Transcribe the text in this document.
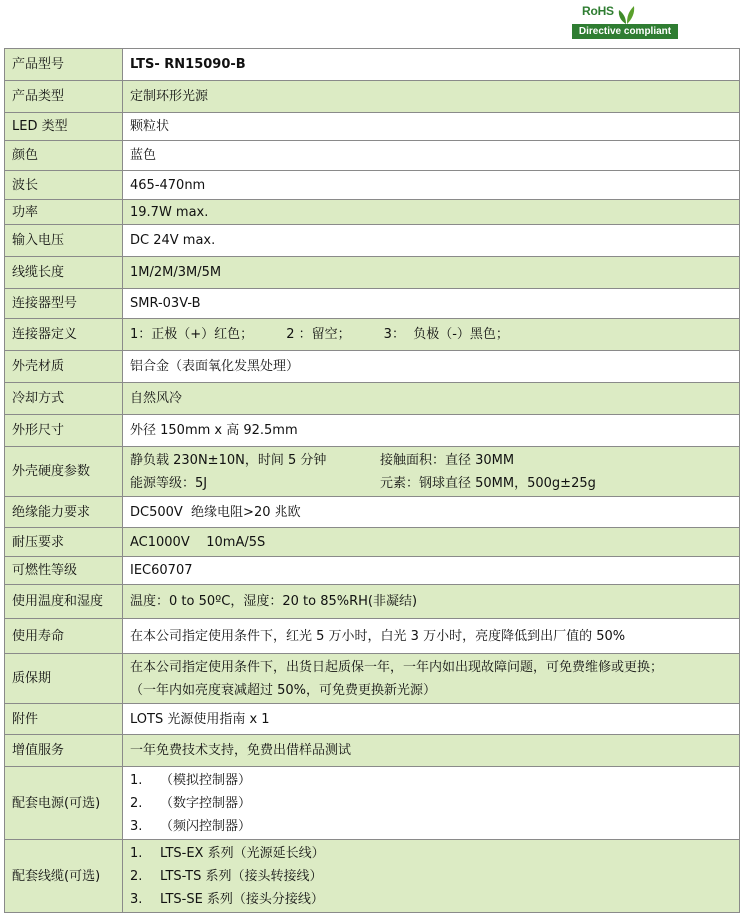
RoHS
Directive compliant
产品型号	LTS- RN15090-B
产品类型	定制环形光源
LED 类型	颗粒状
颜色	蓝色
波长	465-470nm
功率	19.7W max.
输入电压	DC 24V max.
线缆长度	1M/2M/3M/5M
连接器型号	SMR-03V-B
连接器定义	1：正极（+）红色；        2 ：留空；        3：  负极（-）黑色；
外壳材质	铝合金（表面氧化发黑处理）
冷却方式	自然风冷
外形尺寸	外径 150mm x 高 92.5mm
外壳硬度参数	静负载 230N±10N，时间 5 分钟 接触面积：直径 30MM
能源等级：5J 元素：钢球直径 50MM，500g±25g

绝缘能力要求	DC500V  绝缘电阻>20 兆欧
耐压要求	AC1000V    10mA/5S
可燃性等级	IEC60707
使用温度和湿度	温度：0 to 50ºC，湿度：20 to 85%RH(非凝结)
使用寿命	在本公司指定使用条件下，红光 5 万小时，白光 3 万小时，亮度降低到出厂值的 50%
质保期	在本公司指定使用条件下，出货日起质保一年，一年内如出现故障问题，可免费维修或更换；
（一年内如亮度衰减超过 50%，可免费更换新光源）

附件	LOTS 光源使用指南 x 1
增值服务	一年免费技术支持，免费出借样品测试
配套电源(可选)	1. （模拟控制器）
2. （数字控制器）
3. （频闪控制器）

配套线缆(可选)	1. LTS-EX 系列（光源延长线）
2. LTS-TS 系列（接头转接线）
3. LTS-SE 系列（接头分接线）
